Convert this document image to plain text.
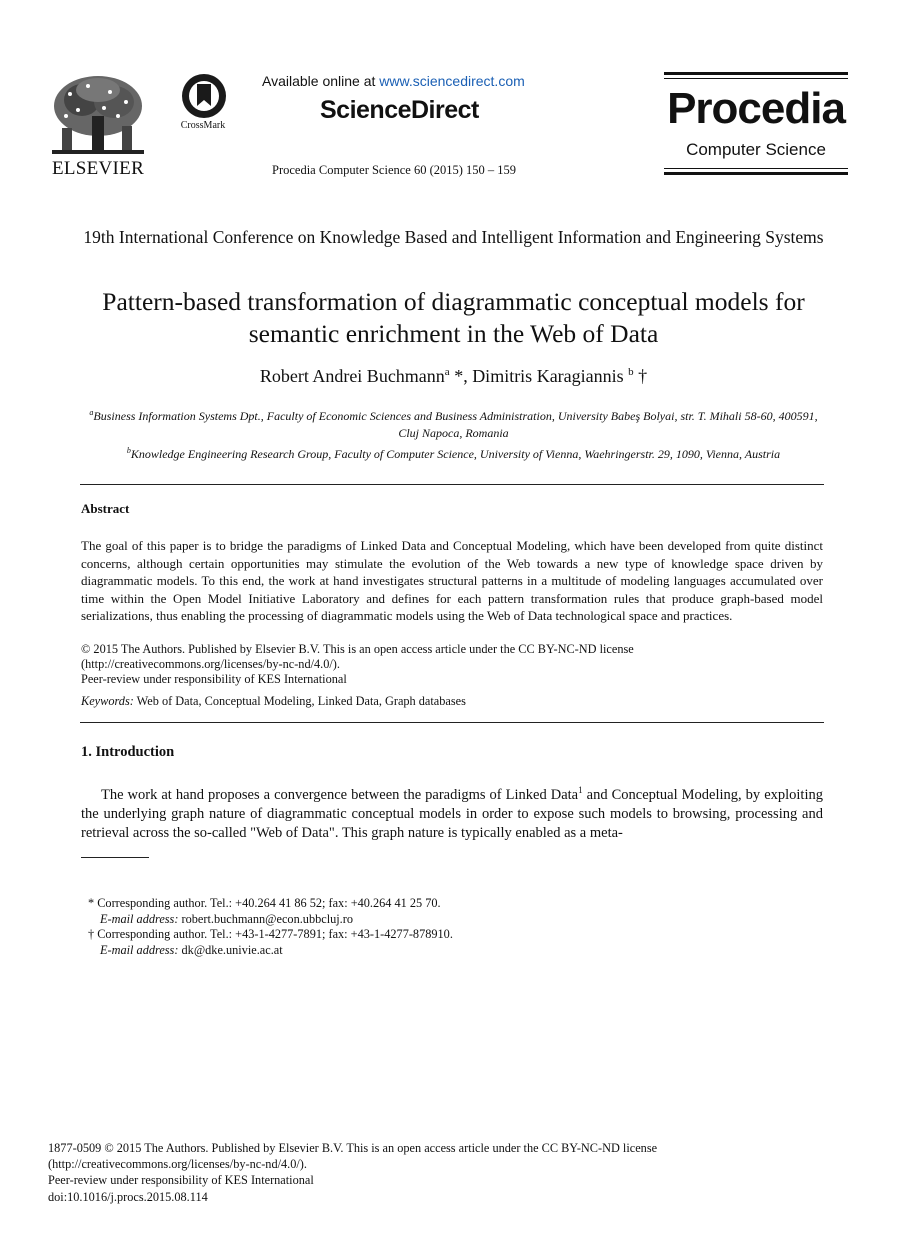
ELSEVIER
CrossMark
Available online at www.sciencedirect.com
ScienceDirect
Procedia Computer Science 60 (2015) 150 – 159
Procedia
Computer Science
19th International Conference on Knowledge Based and Intelligent Information and Engineering Systems
Pattern-based transformation of diagrammatic conceptual models for semantic enrichment in the Web of Data
Robert Andrei Buchmann$^a$ *, Dimitris Karagiannis $^b$ †
$^a$Business Information Systems Dpt., Faculty of Economic Sciences and Business Administration, University Babeş Bolyai, str. T. Mihali 58-60, 400591, Cluj Napoca, Romania
$^b$Knowledge Engineering Research Group, Faculty of Computer Science, University of Vienna, Waehringerstr. 29, 1090, Vienna, Austria
Abstract
The goal of this paper is to bridge the paradigms of Linked Data and Conceptual Modeling, which have been developed from quite distinct concerns, although certain opportunities may stimulate the evolution of the Web towards a new type of knowledge space driven by diagrammatic models. To this end, the work at hand investigates structural patterns in a multitude of modeling languages accumulated over time within the Open Model Initiative Laboratory and defines for each pattern transformation rules that produce graph-based model serializations, thus enabling the processing of diagrammatic models using the Web of Data technological space and practices.
© 2015 The Authors. Published by Elsevier B.V. This is an open access article under the CC BY-NC-ND license
(http://creativecommons.org/licenses/by-nc-nd/4.0/).
Peer-review under responsibility of KES International
Keywords: Web of Data, Conceptual Modeling, Linked Data, Graph databases
1. Introduction
The work at hand proposes a convergence between the paradigms of Linked Data$^1$ and Conceptual Modeling, by exploiting the underlying graph nature of diagrammatic conceptual models in order to expose such models to browsing, processing and retrieval across the so-called "Web of Data". This graph nature is typically enabled as a meta-
* Corresponding author. Tel.: +40.264 41 86 52; fax: +40.264 41 25 70.
E-mail address: robert.buchmann@econ.ubbcluj.ro
† Corresponding author. Tel.: +43-1-4277-7891; fax: +43-1-4277-878910.
E-mail address: dk@dke.univie.ac.at
1877-0509 © 2015 The Authors. Published by Elsevier B.V. This is an open access article under the CC BY-NC-ND license
(http://creativecommons.org/licenses/by-nc-nd/4.0/).
Peer-review under responsibility of KES International
doi:10.1016/j.procs.2015.08.114
